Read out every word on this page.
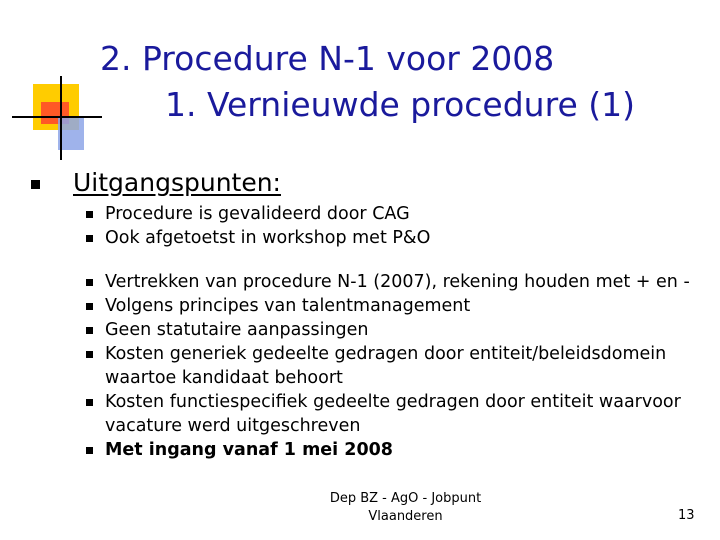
2. Procedure N-1 voor 2008
1. Vernieuwde procedure (1)
Uitgangspunten:
Procedure is gevalideerd door CAG
Ook afgetoetst in workshop met P&O
Vertrekken van procedure N-1 (2007), rekening houden met + en -
Volgens principes van talentmanagement
Geen statutaire aanpassingen
Kosten generiek gedeelte gedragen door entiteit/beleidsdomein waartoe kandidaat behoort
Kosten functiespecifiek gedeelte gedragen door entiteit waarvoor vacature werd uitgeschreven
Met ingang vanaf 1 mei 2008
Dep BZ - AgO - Jobpunt
Vlaanderen	13
